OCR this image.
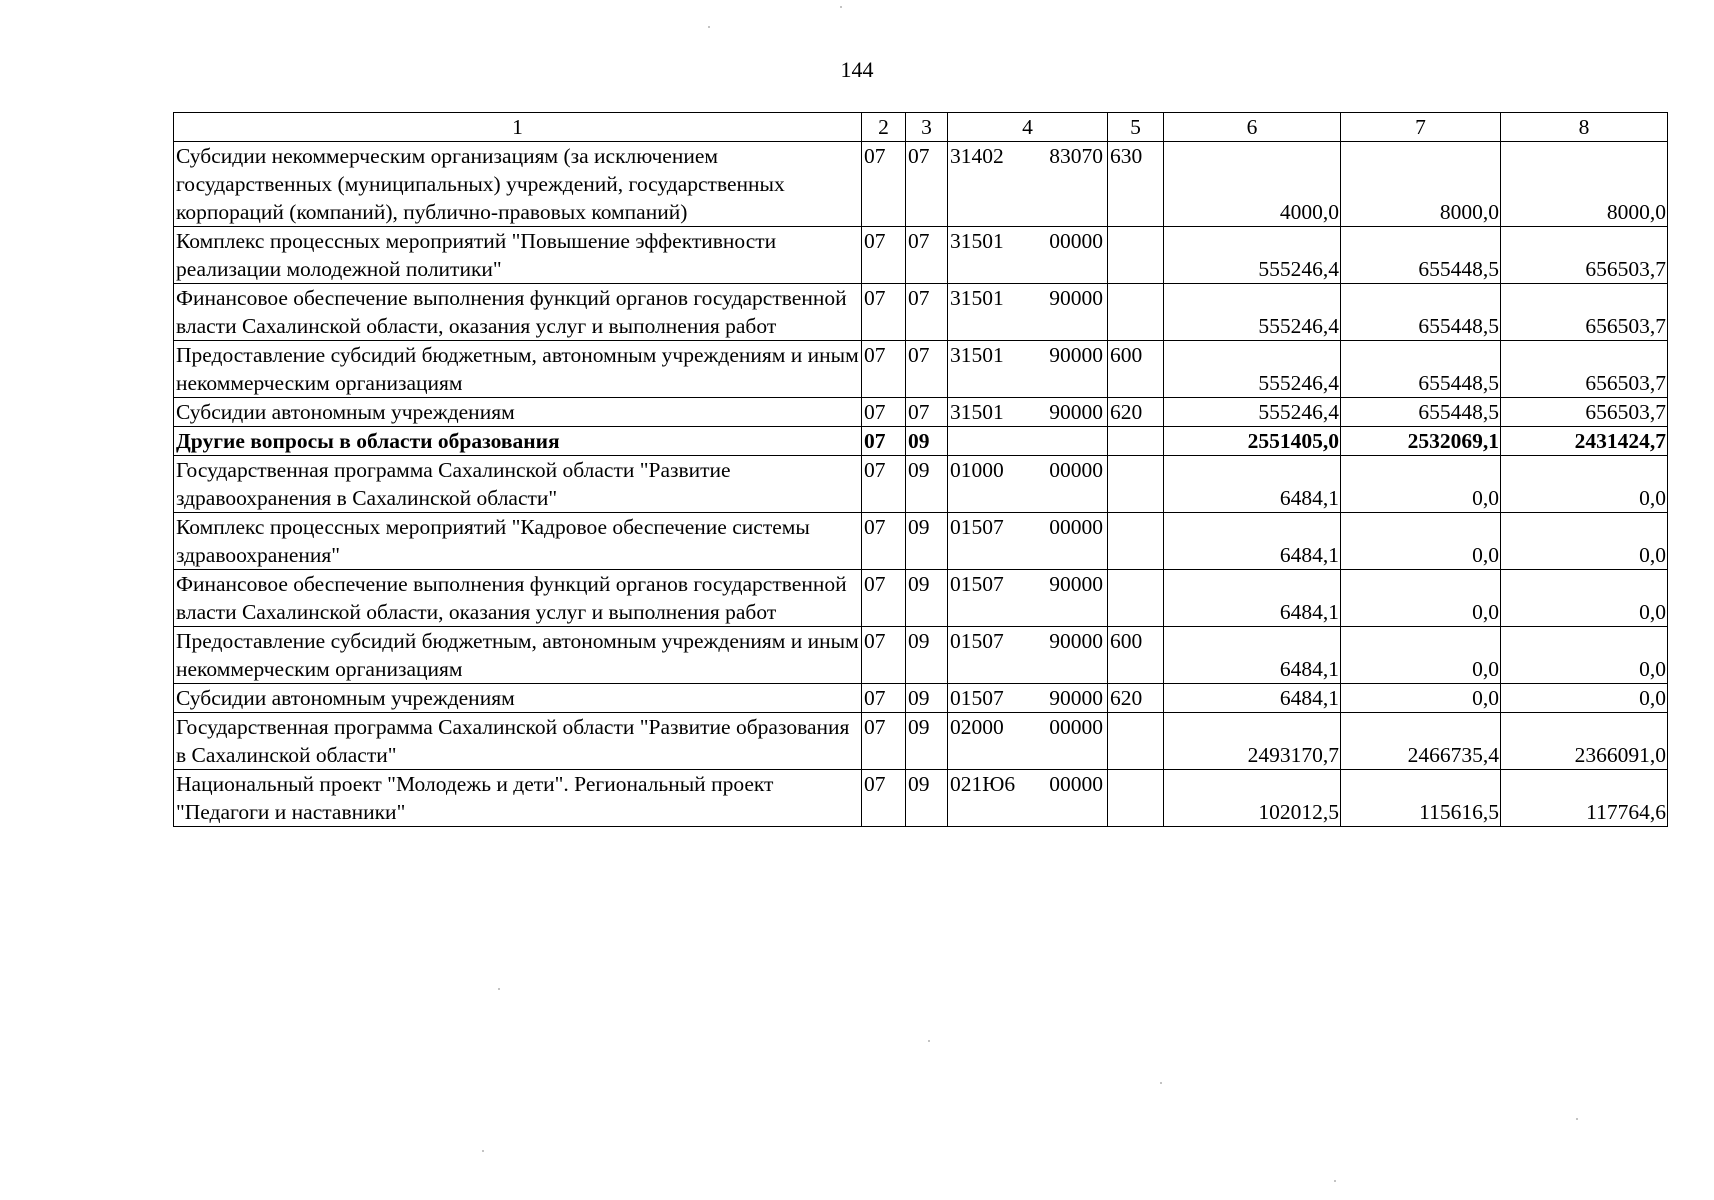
144
1	2	3	4	5	6	7	8
Субсидии некоммерческим организациям (за исключением государственных (муниципальных) учреждений, государственных корпораций (компаний), публично-правовых компаний)	07	07	31402 83070	630	4000,0	8000,0	8000,0
Комплекс процессных мероприятий "Повышение эффективности реализации молодежной политики"	07	07	31501 00000		555246,4	655448,5	656503,7
Финансовое обеспечение выполнения функций органов государственной власти Сахалинской области, оказания услуг и выполнения работ	07	07	31501 90000		555246,4	655448,5	656503,7
Предоставление субсидий бюджетным, автономным учреждениям и иным некоммерческим организациям	07	07	31501 90000	600	555246,4	655448,5	656503,7
Субсидии автономным учреждениям	07	07	31501 90000	620	555246,4	655448,5	656503,7
Другие вопросы в области образования	07	09			2551405,0	2532069,1	2431424,7
Государственная программа Сахалинской области "Развитие здравоохранения в Сахалинской области"	07	09	01000 00000		6484,1	0,0	0,0
Комплекс процессных мероприятий "Кадровое обеспечение системы здравоохранения"	07	09	01507 00000		6484,1	0,0	0,0
Финансовое обеспечение выполнения функций органов государственной власти Сахалинской области, оказания услуг и выполнения работ	07	09	01507 90000		6484,1	0,0	0,0
Предоставление субсидий бюджетным, автономным учреждениям и иным некоммерческим организациям	07	09	01507 90000	600	6484,1	0,0	0,0
Субсидии автономным учреждениям	07	09	01507 90000	620	6484,1	0,0	0,0
Государственная программа Сахалинской области "Развитие образования в Сахалинской области"	07	09	02000 00000		2493170,7	2466735,4	2366091,0
Национальный проект "Молодежь и дети". Региональный проект "Педагоги и наставники"	07	09	021Ю6 00000		102012,5	115616,5	117764,6
